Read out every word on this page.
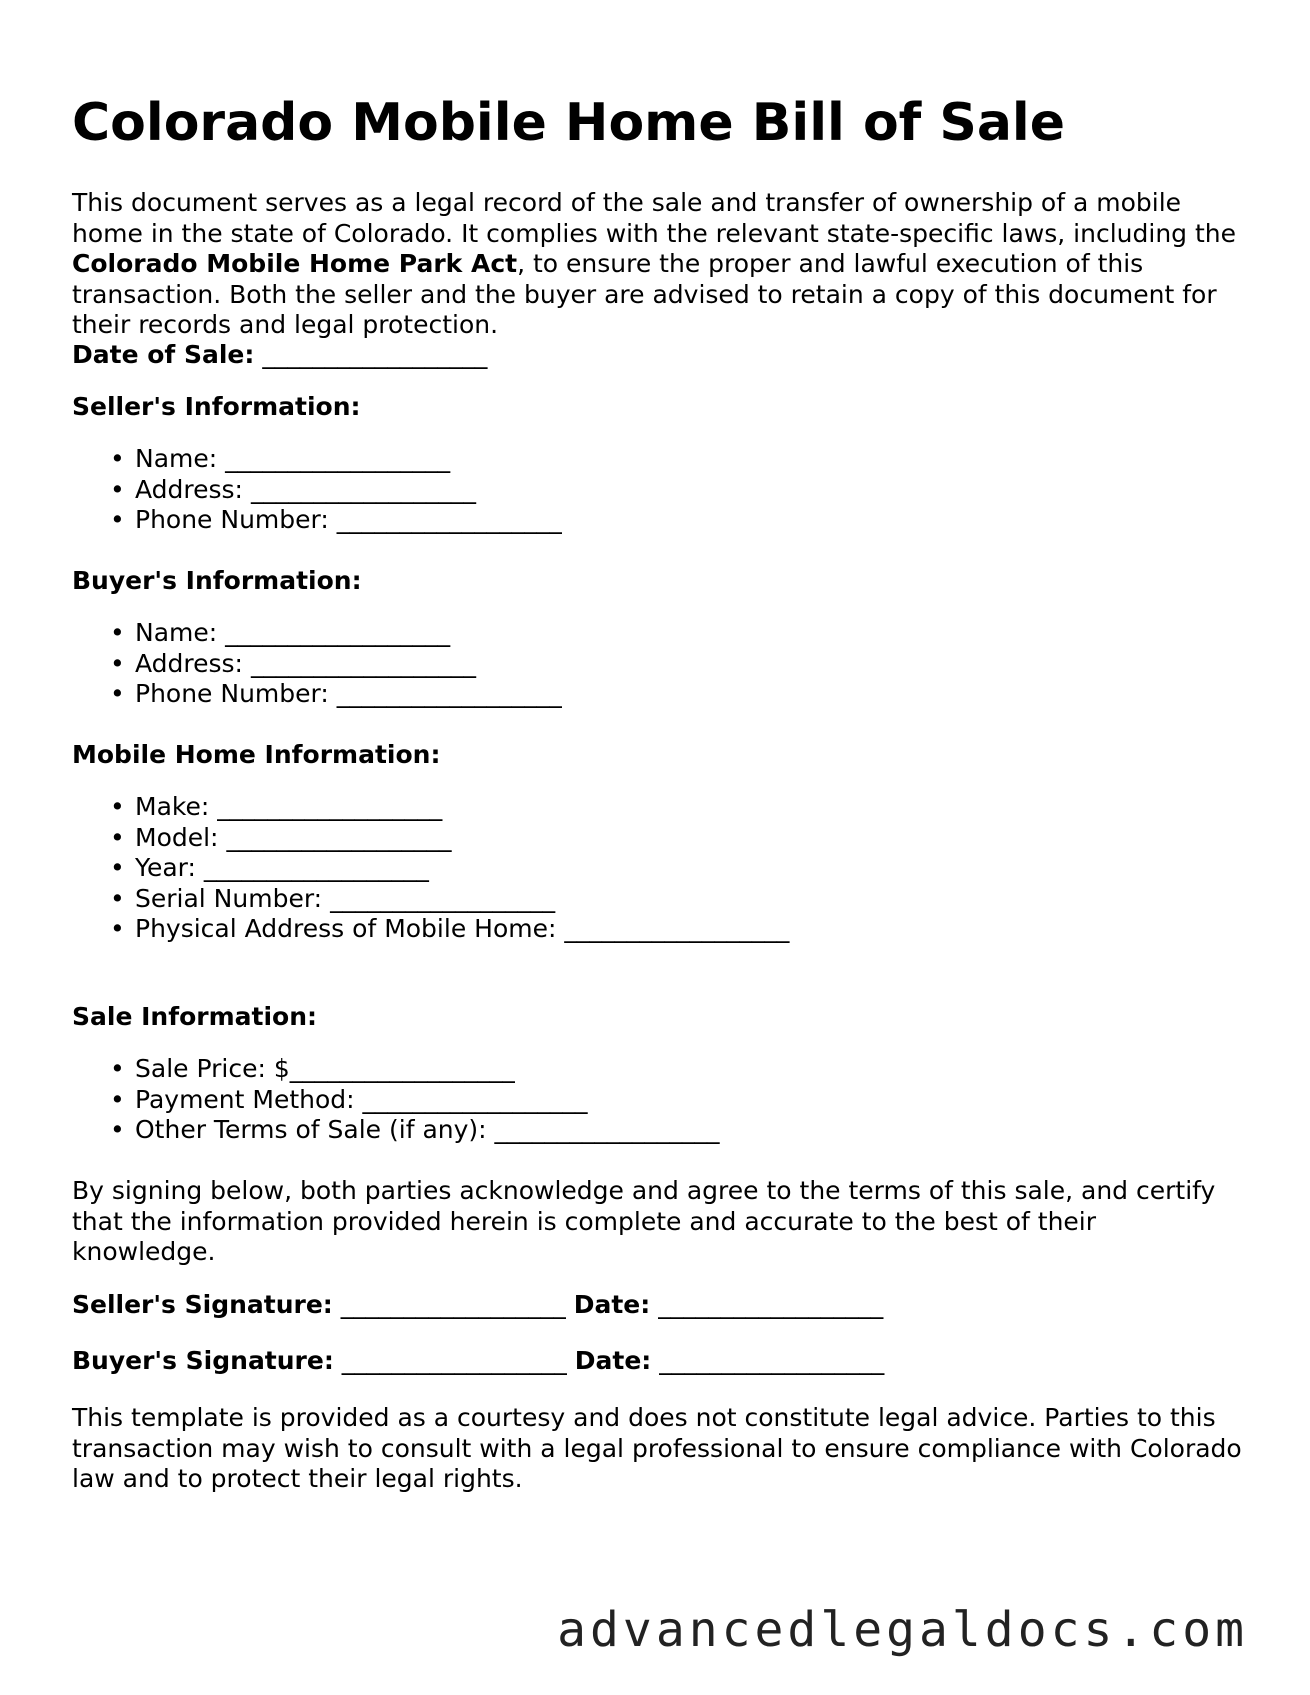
Colorado Mobile Home Bill of Sale

This document serves as a legal record of the sale and transfer of ownership of a mobile home in the state of Colorado. It complies with the relevant state-specific laws, including the Colorado Mobile Home Park Act, to ensure the proper and lawful execution of this transaction. Both the seller and the buyer are advised to retain a copy of this document for their records and legal protection.

Date of Sale: __________________
Seller's Information:
• Name: __________________
• Address: __________________
• Phone Number: __________________
Buyer's Information:
• Name: __________________
• Address: __________________
• Phone Number: __________________
Mobile Home Information:
• Make: __________________
• Model: __________________
• Year: __________________
• Serial Number: __________________
• Physical Address of Mobile Home: __________________
Sale Information:
• Sale Price: $__________________
• Payment Method: __________________
• Other Terms of Sale (if any): __________________

By signing below, both parties acknowledge and agree to the terms of this sale, and certify that the information provided herein is complete and accurate to the best of their knowledge.

Seller's Signature: __________________ Date: __________________
Buyer's Signature: __________________ Date: __________________

This template is provided as a courtesy and does not constitute legal advice. Parties to this transaction may wish to consult with a legal professional to ensure compliance with Colorado law and to protect their legal rights.

advancedlegaldocs.com
